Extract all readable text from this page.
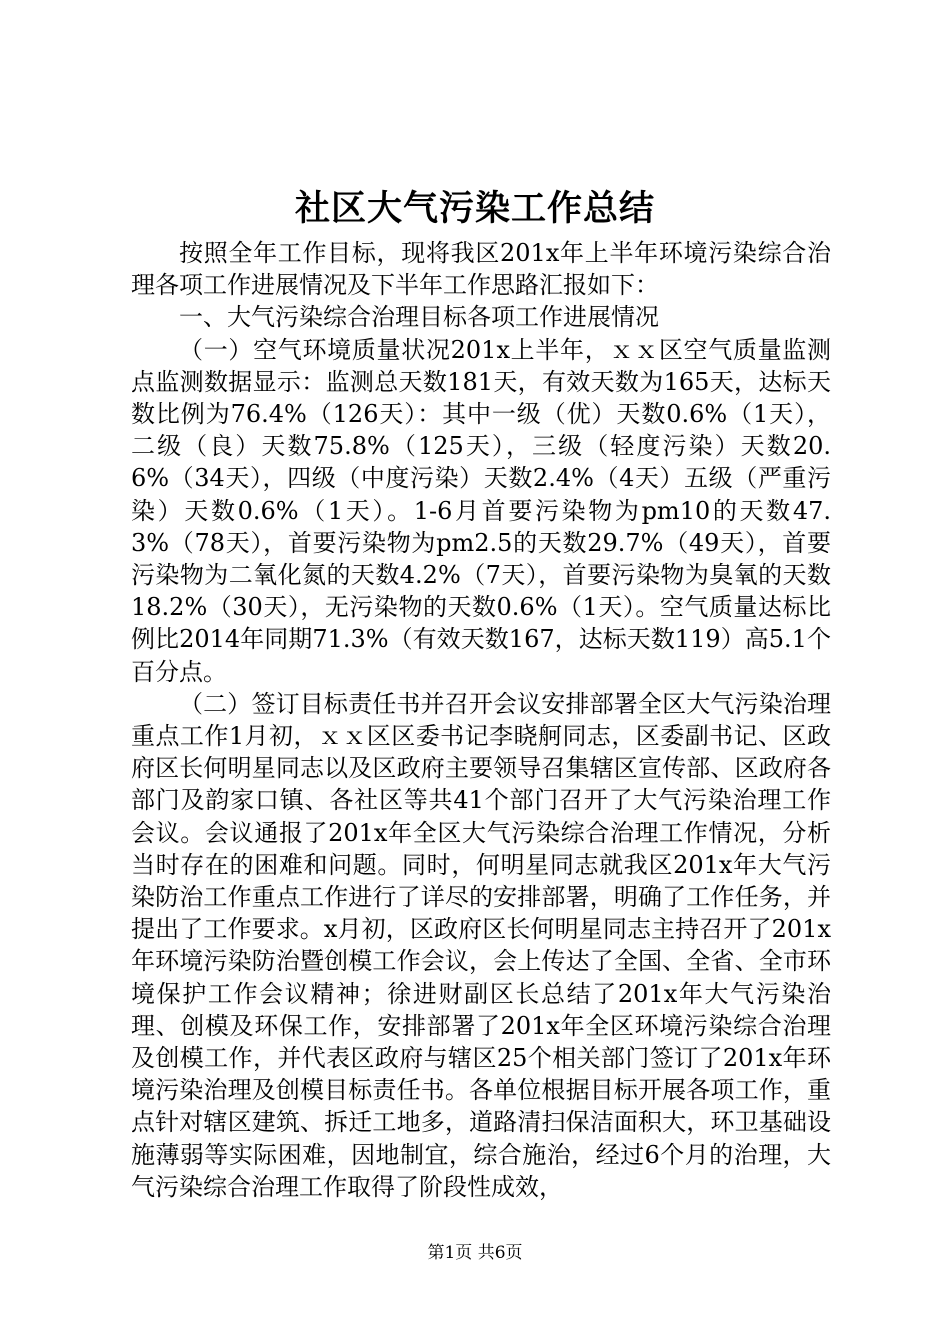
社区大气污染工作总结

按照全年工作目标，现将我区201x年上半年环境污染综合治理各项工作进展情况及下半年工作思路汇报如下：

一、大气污染综合治理目标各项工作进展情况

（一）空气环境质量状况201x上半年，ｘｘ区空气质量监测点监测数据显示：监测总天数181天，有效天数为165天，达标天数比例为76.4%（126天）：其中一级（优）天数0.6%（1天），二级（良）天数75.8%（125天），三级（轻度污染）天数20.6%（34天），四级（中度污染）天数2.4%（4天）五级（严重污染）天数0.6%（1天）。1-6月首要污染物为pm10的天数47.3%（78天），首要污染物为pm2.5的天数29.7%（49天），首要污染物为二氧化氮的天数4.2%（7天），首要污染物为臭氧的天数18.2%（30天），无污染物的天数0.6%（1天）。空气质量达标比例比2014年同期71.3%（有效天数167，达标天数119）高5.1个百分点。

（二）签订目标责任书并召开会议安排部署全区大气污染治理重点工作1月初，ｘｘ区区委书记李晓舸同志，区委副书记、区政府区长何明星同志以及区政府主要领导召集辖区宣传部、区政府各部门及韵家口镇、各社区等共41个部门召开了大气污染治理工作会议。会议通报了201x年全区大气污染综合治理工作情况，分析当时存在的困难和问题。同时，何明星同志就我区201x年大气污染防治工作重点工作进行了详尽的安排部署，明确了工作任务，并提出了工作要求。x月初，区政府区长何明星同志主持召开了201x年环境污染防治暨创模工作会议，会上传达了全国、全省、全市环境保护工作会议精神；徐进财副区长总结了201x年大气污染治理、创模及环保工作，安排部署了201x年全区环境污染综合治理及创模工作，并代表区政府与辖区25个相关部门签订了201x年环境污染治理及创模目标责任书。各单位根据目标开展各项工作，重点针对辖区建筑、拆迁工地多，道路清扫保洁面积大，环卫基础设施薄弱等实际困难，因地制宜，综合施治，经过6个月的治理，大气污染综合治理工作取得了阶段性成效，

第1页 共6页
